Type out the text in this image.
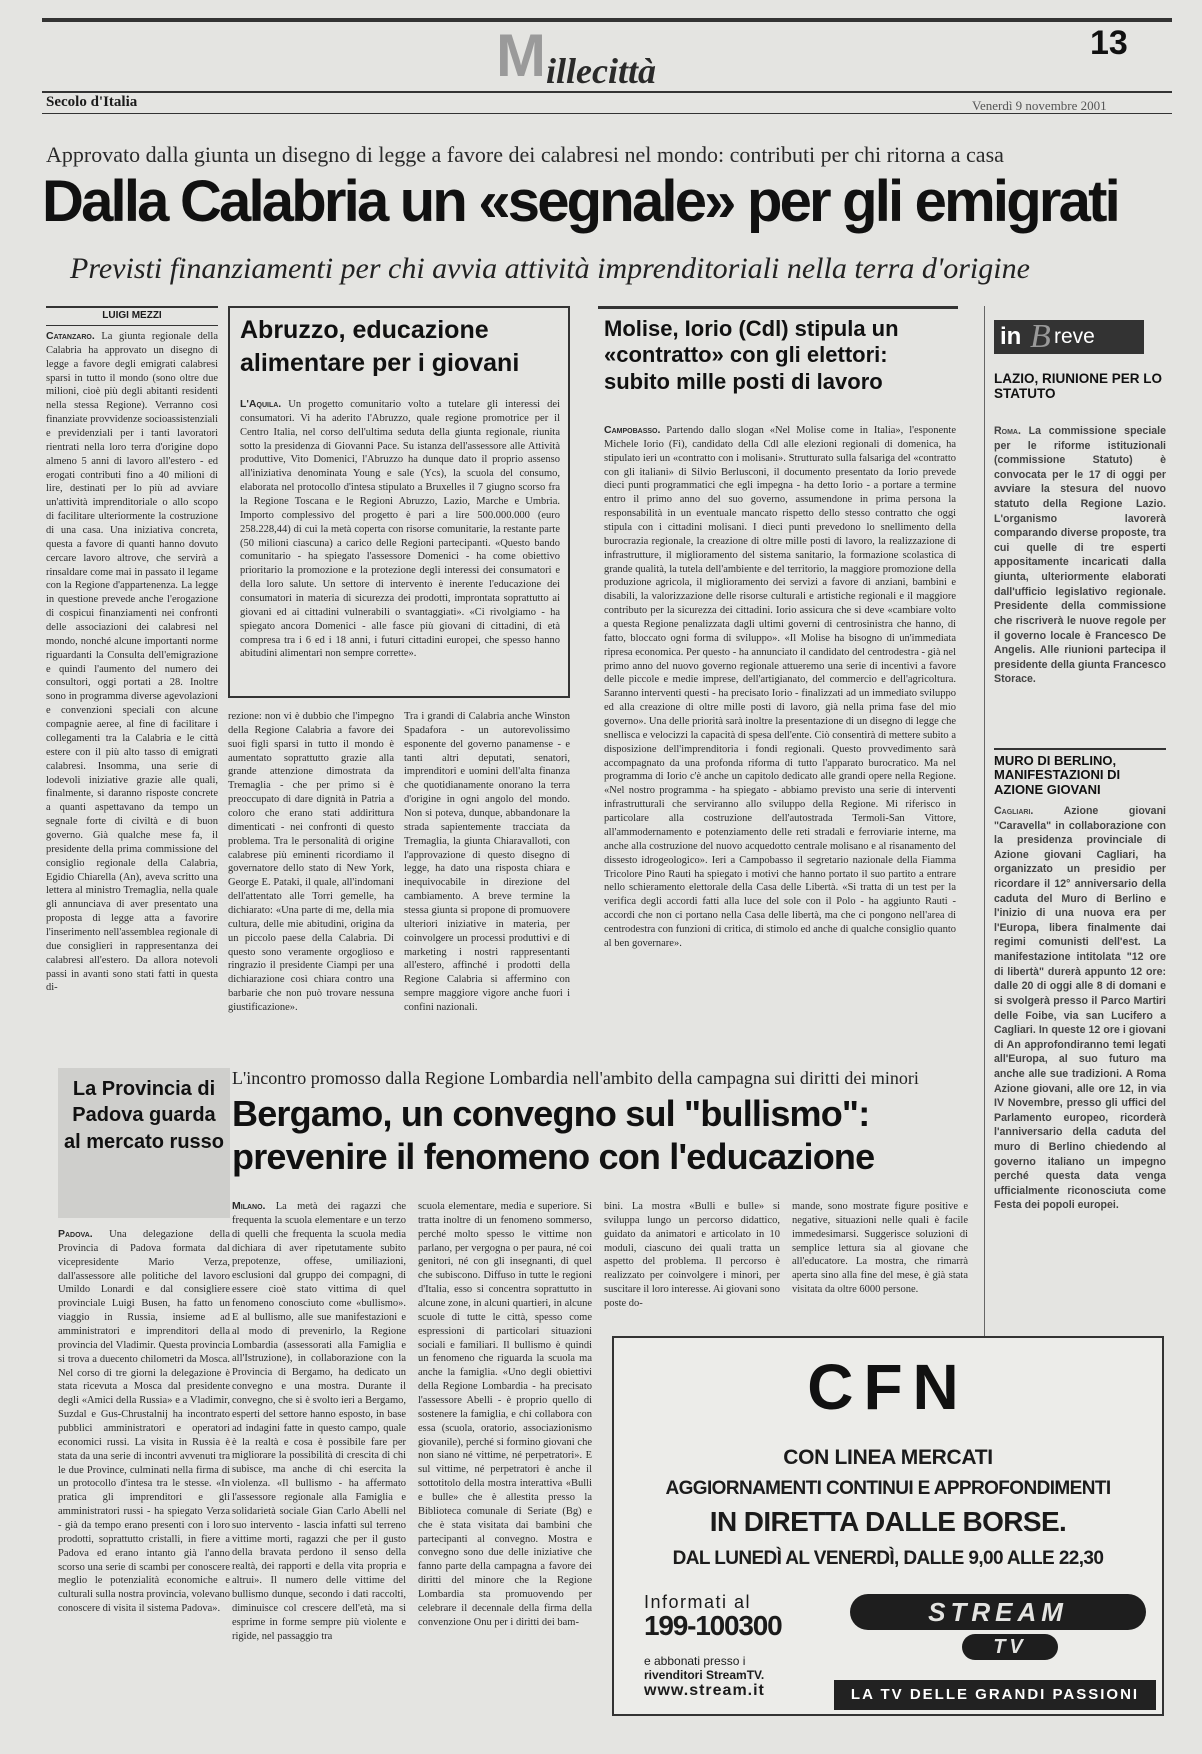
Millecittà
13
Secolo d'Italia	Venerdì 9 novembre 2001
Approvato dalla giunta un disegno di legge a favore dei calabresi nel mondo: contributi per chi ritorna a casa
Dalla Calabria un «segnale» per gli emigrati
Previsti finanziamenti per chi avvia attività imprenditoriali nella terra d'origine
LUIGI MEZZI
Catanzaro. La giunta regionale della Calabria ha approvato un disegno di legge a favore degli emigrati calabresi sparsi in tutto il mondo (sono oltre due milioni, cioè più degli abitanti residenti nella stessa Regione). Verranno così finanziate provvidenze socioassistenziali e previdenziali per i tanti lavoratori rientrati nella loro terra d'origine dopo almeno 5 anni di lavoro all'estero - ed erogati contributi fino a 40 milioni di lire, destinati per lo più ad avviare un'attività imprenditoriale o allo scopo di facilitare ulteriormente la costruzione di una casa. Una iniziativa concreta, questa a favore di quanti hanno dovuto cercare lavoro altrove, che servirà a rinsaldare come mai in passato il legame con la Regione d'appartenenza. La legge in questione prevede anche l'erogazione di cospicui finanziamenti nei confronti delle associazioni dei calabresi nel mondo, nonché alcune importanti norme riguardanti la Consulta dell'emigrazione e quindi l'aumento del numero dei consultori, oggi portati a 28. Inoltre sono in programma diverse agevolazioni e convenzioni speciali con alcune compagnie aeree, al fine di facilitare i collegamenti tra la Calabria e le città estere con il più alto tasso di emigrati calabresi. Insomma, una serie di lodevoli iniziative grazie alle quali, finalmente, si daranno risposte concrete a quanti aspettavano da tempo un segnale forte di civiltà e di buon governo. Già qualche mese fa, il presidente della prima commissione del consiglio regionale della Calabria, Egidio Chiarella (An), aveva scritto una lettera al ministro Tremaglia, nella quale gli annunciava di aver presentato una proposta di legge atta a favorire l'inserimento nell'assemblea regionale di due consiglieri in rappresentanza dei calabresi all'estero. Da allora notevoli passi in avanti sono stati fatti in questa di-
Abruzzo, educazione alimentare per i giovani
L'Aquila. Un progetto comunitario volto a tutelare gli interessi dei consumatori. Vi ha aderito l'Abruzzo, quale regione promotrice per il Centro Italia, nel corso dell'ultima seduta della giunta regionale, riunita sotto la presidenza di Giovanni Pace. Su istanza dell'assessore alle Attività produttive, Vito Domenici, l'Abruzzo ha dunque dato il proprio assenso all'iniziativa denominata Young e sale (Ycs), la scuola del consumo, elaborata nel protocollo d'intesa stipulato a Bruxelles il 7 giugno scorso fra la Regione Toscana e le Regioni Abruzzo, Lazio, Marche e Umbria. Importo complessivo del progetto è pari a lire 500.000.000 (euro 258.228,44) di cui la metà coperta con risorse comunitarie, la restante parte (50 milioni ciascuna) a carico delle Regioni partecipanti. «Questo bando comunitario - ha spiegato l'assessore Domenici - ha come obiettivo prioritario la promozione e la protezione degli interessi dei consumatori e della loro salute. Un settore di intervento è inerente l'educazione dei consumatori in materia di sicurezza dei prodotti, improntata soprattutto ai giovani ed ai cittadini vulnerabili o svantaggiati». «Ci rivolgiamo - ha spiegato ancora Domenici - alle fasce più giovani di cittadini, di età compresa tra i 6 ed i 18 anni, i futuri cittadini europei, che spesso hanno abitudini alimentari non sempre corrette».
Molise, Iorio (Cdl) stipula un «contratto» con gli elettori: subito mille posti di lavoro
Campobasso. Partendo dallo slogan «Nel Molise come in Italia», l'esponente Michele Iorio (Fi), candidato della Cdl alle elezioni regionali di domenica, ha stipulato ieri un «contratto con i molisani». Strutturato sulla falsariga del «contratto con gli italiani» di Silvio Berlusconi, il documento presentato da Iorio prevede dieci punti programmatici che egli impegna - ha detto Iorio - a portare a termine entro il primo anno del suo governo, assumendone in prima persona la responsabilità in un eventuale mancato rispetto dello stesso contratto che oggi stipula con i cittadini molisani. I dieci punti prevedono lo snellimento della burocrazia regionale, la creazione di oltre mille posti di lavoro, la realizzazione di infrastrutture, il miglioramento del sistema sanitario, la formazione scolastica di grande qualità, la tutela dell'ambiente e del territorio, la maggiore promozione della produzione agricola, il miglioramento dei servizi a favore di anziani, bambini e disabili, la valorizzazione delle risorse culturali e artistiche regionali e il maggiore contributo per la sicurezza dei cittadini. Iorio assicura che si deve «cambiare volto a questa Regione penalizzata dagli ultimi governi di centrosinistra che hanno, di fatto, bloccato ogni forma di sviluppo». «Il Molise ha bisogno di un'immediata ripresa economica. Per questo - ha annunciato il candidato del centrodestra - già nel primo anno del nuovo governo regionale attueremo una serie di incentivi a favore delle piccole e medie imprese, dell'artigianato, del commercio e dell'agricoltura. Saranno interventi questi - ha precisato Iorio - finalizzati ad un immediato sviluppo ed alla creazione di oltre mille posti di lavoro, già nella prima fase del mio governo». Una delle priorità sarà inoltre la presentazione di un disegno di legge che snellisca e velocizzi la capacità di spesa dell'ente. Ciò consentirà di mettere subito a disposizione dell'imprenditoria i fondi regionali. Questo provvedimento sarà accompagnato da una profonda riforma di tutto l'apparato burocratico. Ma nel programma di Iorio c'è anche un capitolo dedicato alle grandi opere nella Regione. «Nel nostro programma - ha spiegato - abbiamo previsto una serie di interventi infrastrutturali che serviranno allo sviluppo della Regione. Mi riferisco in particolare alla costruzione dell'autostrada Termoli-San Vittore, all'ammodernamento e potenziamento delle reti stradali e ferroviarie interne, ma anche alla costruzione del nuovo acquedotto centrale molisano e al risanamento del dissesto idrogeologico». Ieri a Campobasso il segretario nazionale della Fiamma Tricolore Pino Rauti ha spiegato i motivi che hanno portato il suo partito a entrare nello schieramento elettorale della Casa delle Libertà. «Si tratta di un test per la verifica degli accordi fatti alla luce del sole con il Polo - ha aggiunto Rauti - accordi che non ci portano nella Casa delle libertà, ma che ci pongono nell'area di centrodestra con funzioni di critica, di stimolo ed anche di qualche consiglio quanto al ben governare».
rezione: non vi è dubbio che l'impegno della Regione Calabria a favore dei suoi figli sparsi in tutto il mondo è aumentato soprattutto grazie alla grande attenzione dimostrata da Tremaglia - che per primo si è preoccupato di dare dignità in Patria a coloro che erano stati addirittura dimenticati - nei confronti di questo problema. Tra le personalità di origine calabrese più eminenti ricordiamo il governatore dello stato di New York, George E. Pataki, il quale, all'indomani dell'attentato alle Torri gemelle, ha dichiarato: «Una parte di me, della mia cultura, delle mie abitudini, origina da un piccolo paese della Calabria. Di questo sono veramente orgoglioso e ringrazio il presidente Ciampi per una dichiarazione così chiara contro una barbarie che non può trovare nessuna giustificazione».
Tra i grandi di Calabria anche Winston Spadafora - un autorevolissimo esponente del governo panamense - e tanti altri deputati, senatori, imprenditori e uomini dell'alta finanza che quotidianamente onorano la terra d'origine in ogni angolo del mondo. Non si poteva, dunque, abbandonare la strada sapientemente tracciata da Tremaglia, la giunta Chiaravalloti, con l'approvazione di questo disegno di legge, ha dato una risposta chiara e inequivocabile in direzione del cambiamento. A breve termine la stessa giunta si propone di promuovere ulteriori iniziative in materia, per coinvolgere un processi produttivi e di marketing i nostri rappresentanti all'estero, affinché i prodotti della Regione Calabria si affermino con sempre maggiore vigore anche fuori i confini nazionali.
in B reve
LAZIO, RIUNIONE PER LO STATUTO
Roma. La commissione speciale per le riforme istituzionali (commissione Statuto) è convocata per le 17 di oggi per avviare la stesura del nuovo statuto della Regione Lazio. L'organismo lavorerà comparando diverse proposte, tra cui quelle di tre esperti appositamente incaricati dalla giunta, ulteriormente elaborati dall'ufficio legislativo regionale. Presidente della commissione che riscriverà le nuove regole per il governo locale è Francesco De Angelis. Alle riunioni partecipa il presidente della giunta Francesco Storace.
MURO DI BERLINO, MANIFESTAZIONI DI AZIONE GIOVANI
Cagliari. Azione giovani "Caravella" in collaborazione con la presidenza provinciale di Azione giovani Cagliari, ha organizzato un presidio per ricordare il 12° anniversario della caduta del Muro di Berlino e l'inizio di una nuova era per l'Europa, libera finalmente dai regimi comunisti dell'est. La manifestazione intitolata "12 ore di libertà" durerà appunto 12 ore: dalle 20 di oggi alle 8 di domani e si svolgerà presso il Parco Martiri delle Foibe, via san Lucifero a Cagliari. In queste 12 ore i giovani di An approfondiranno temi legati all'Europa, al suo futuro ma anche alle sue tradizioni. A Roma Azione giovani, alle ore 12, in via IV Novembre, presso gli uffici del Parlamento europeo, ricorderà l'anniversario della caduta del muro di Berlino chiedendo al governo italiano un impegno perché questa data venga ufficialmente riconosciuta come Festa dei popoli europei.
La Provincia di Padova guarda al mercato russo
Padova. Una delegazione della Provincia di Padova formata dal vicepresidente Mario Verza, dall'assessore alle politiche del lavoro Umildo Lonardi e dal consigliere provinciale Luigi Busen, ha fatto un viaggio in Russia, insieme ad amministratori e imprenditori della provincia del Vladimir. Questa provincia si trova a duecento chilometri da Mosca. Nel corso di tre giorni la delegazione è stata ricevuta a Mosca dal presidente degli «Amici della Russia» e a Vladimir, Suzdal e Gus-Chrustalnij ha incontrato pubblici amministratori e operatori economici russi. La visita in Russia è stata da una serie di incontri avvenuti tra le due Province, culminati nella firma di un protocollo d'intesa tra le stesse. «In pratica gli imprenditori e gli amministratori russi - ha spiegato Verza - già da tempo erano presenti con i loro prodotti, soprattutto cristalli, in fiere a Padova ed erano intanto già l'anno scorso una serie di scambi per conoscere meglio le potenzialità economiche e culturali sulla nostra provincia, volevano conoscere di visita il sistema Padova».
L'incontro promosso dalla Regione Lombardia nell'ambito della campagna sui diritti dei minori
Bergamo, un convegno sul "bullismo": prevenire il fenomeno con l'educazione
Milano. La metà dei ragazzi che frequenta la scuola elementare e un terzo di quelli che frequenta la scuola media dichiara di aver ripetutamente subito prepotenze, offese, umiliazioni, esclusioni dal gruppo dei compagni, di essere cioè stato vittima di quel fenomeno conosciuto come «bullismo». E al bullismo, alle sue manifestazioni e al modo di prevenirlo, la Regione Lombardia (assessorati alla Famiglia e all'Istruzione), in collaborazione con la Provincia di Bergamo, ha dedicato un convegno e una mostra. Durante il convegno, che si è svolto ieri a Bergamo, esperti del settore hanno esposto, in base ad indagini fatte in questo campo, quale è la realtà e cosa è possibile fare per migliorare la possibilità di crescita di chi subisce, ma anche di chi esercita la violenza. «Il bullismo - ha affermato l'assessore regionale alla Famiglia e solidarietà sociale Gian Carlo Abelli nel suo intervento - lascia infatti sul terreno vittime morti, ragazzi che per il gusto della bravata perdono il senso della realtà, dei rapporti e della vita propria e altrui». Il numero delle vittime del bullismo dunque, secondo i dati raccolti, diminuisce col crescere dell'età, ma si esprime in forme sempre più violente e rigide, nel passaggio tra
scuola elementare, media e superiore. Si tratta inoltre di un fenomeno sommerso, perché molto spesso le vittime non parlano, per vergogna o per paura, né coi genitori, né con gli insegnanti, di quel che subiscono. Diffuso in tutte le regioni d'Italia, esso si concentra soprattutto in alcune zone, in alcuni quartieri, in alcune scuole di tutte le città, spesso come espressioni di particolari situazioni sociali e familiari. Il bullismo è quindi un fenomeno che riguarda la scuola ma anche la famiglia. «Uno degli obiettivi della Regione Lombardia - ha precisato l'assessore Abelli - è proprio quello di sostenere la famiglia, e chi collabora con essa (scuola, oratorio, associazionismo giovanile), perché si formino giovani che non siano né vittime, né perpetratori». E sul vittime, né perpetratori è anche il sottotitolo della mostra interattiva «Bulli e bulle» che è allestita presso la Biblioteca comunale di Seriate (Bg) e che è stata visitata dai bambini che partecipanti al convegno. Mostra e convegno sono due delle iniziative che fanno parte della campagna a favore dei diritti del minore che la Regione Lombardia sta promuovendo per celebrare il decennale della firma della convenzione Onu per i diritti dei bam-
bini. La mostra «Bulli e bulle» si sviluppa lungo un percorso didattico, guidato da animatori e articolato in 10 moduli, ciascuno dei quali tratta un aspetto del problema. Il percorso è realizzato per coinvolgere i minori, per suscitare il loro interesse. Ai giovani sono poste do-
mande, sono mostrate figure positive e negative, situazioni nelle quali è facile immedesimarsi. Suggerisce soluzioni di semplice lettura sia al giovane che all'educatore. La mostra, che rimarrà aperta sino alla fine del mese, è già stata visitata da oltre 6000 persone.
CFN
CON LINEA MERCATI
AGGIORNAMENTI CONTINUI E APPROFONDIMENTI
IN DIRETTA DALLE BORSE.
DAL LUNEDÌ AL VENERDÌ, DALLE 9,00 ALLE 22,30
Informati al
199-100300
e abbonati presso i
rivenditori StreamTV.
www.stream.it
STREAM
TV
LA TV DELLE GRANDI PASSIONI
